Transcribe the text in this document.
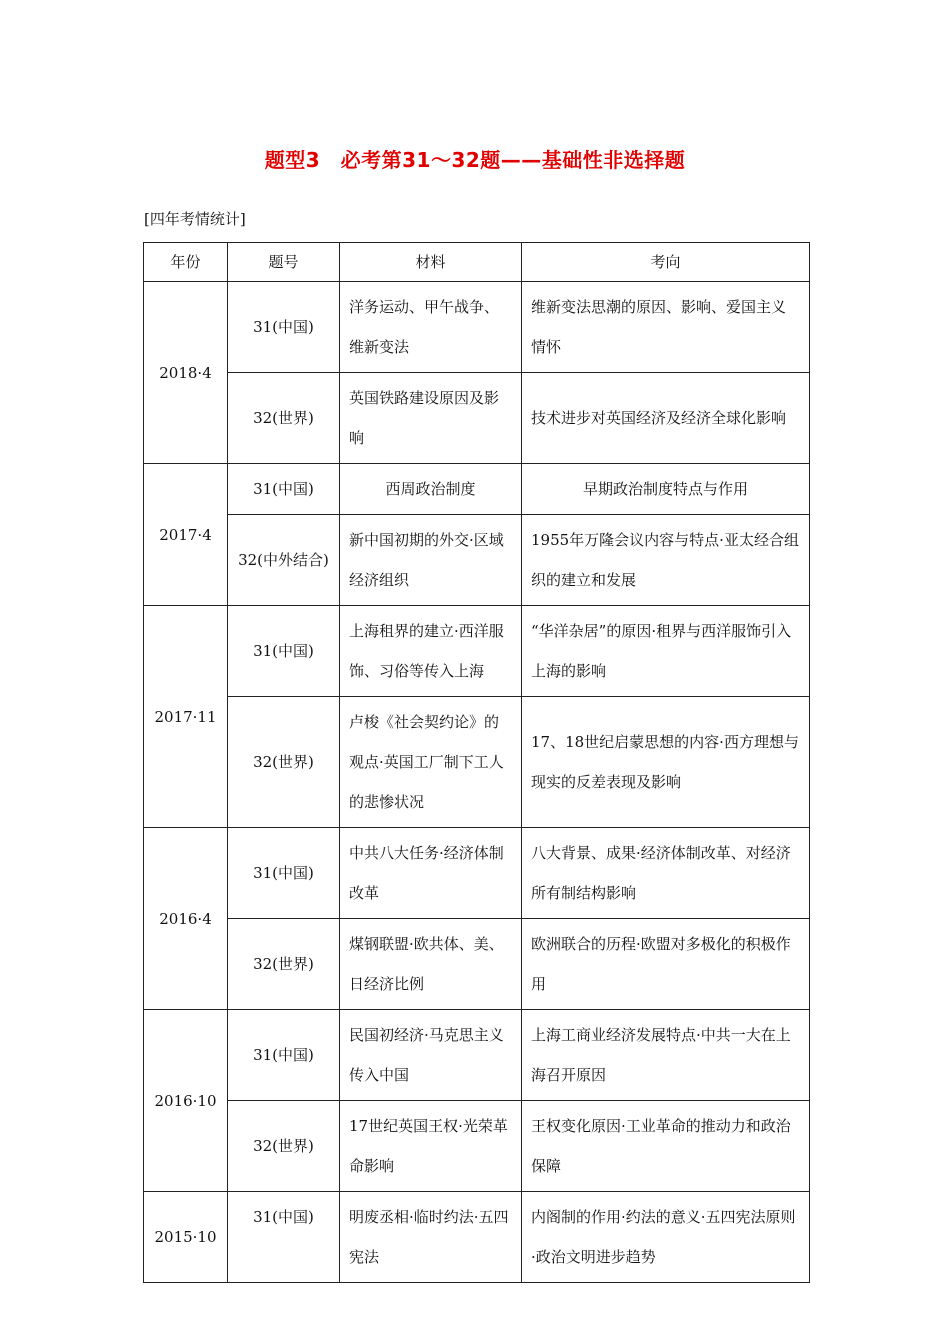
题型3　必考第31～32题——基础性非选择题
[四年考情统计]
年份	题号	材料	考向
2018·4	31(中国)	洋务运动、甲午战争、维新变法	维新变法思潮的原因、影响、爱国主义情怀
	32(世界)	英国铁路建设原因及影响	技术进步对英国经济及经济全球化影响
2017·4	31(中国)	西周政治制度	早期政治制度特点与作用
	32(中外结合)	新中国初期的外交·区域经济组织	1955年万隆会议内容与特点·亚太经合组织的建立和发展
2017·11	31(中国)	上海租界的建立·西洋服饰、习俗等传入上海	“华洋杂居”的原因·租界与西洋服饰引入上海的影响
	32(世界)	卢梭《社会契约论》的观点·英国工厂制下工人的悲惨状况	17、18世纪启蒙思想的内容·西方理想与现实的反差表现及影响
2016·4	31(中国)	中共八大任务·经济体制改革	八大背景、成果·经济体制改革、对经济所有制结构影响
	32(世界)	煤钢联盟·欧共体、美、日经济比例	欧洲联合的历程·欧盟对多极化的积极作用
2016·10	31(中国)	民国初经济·马克思主义传入中国	上海工商业经济发展特点·中共一大在上海召开原因
	32(世界)	17世纪英国王权·光荣革命影响	王权变化原因·工业革命的推动力和政治保障
2015·10	31(中国)	明废丞相·临时约法·五四宪法	内阁制的作用·约法的意义·五四宪法原则·政治文明进步趋势
